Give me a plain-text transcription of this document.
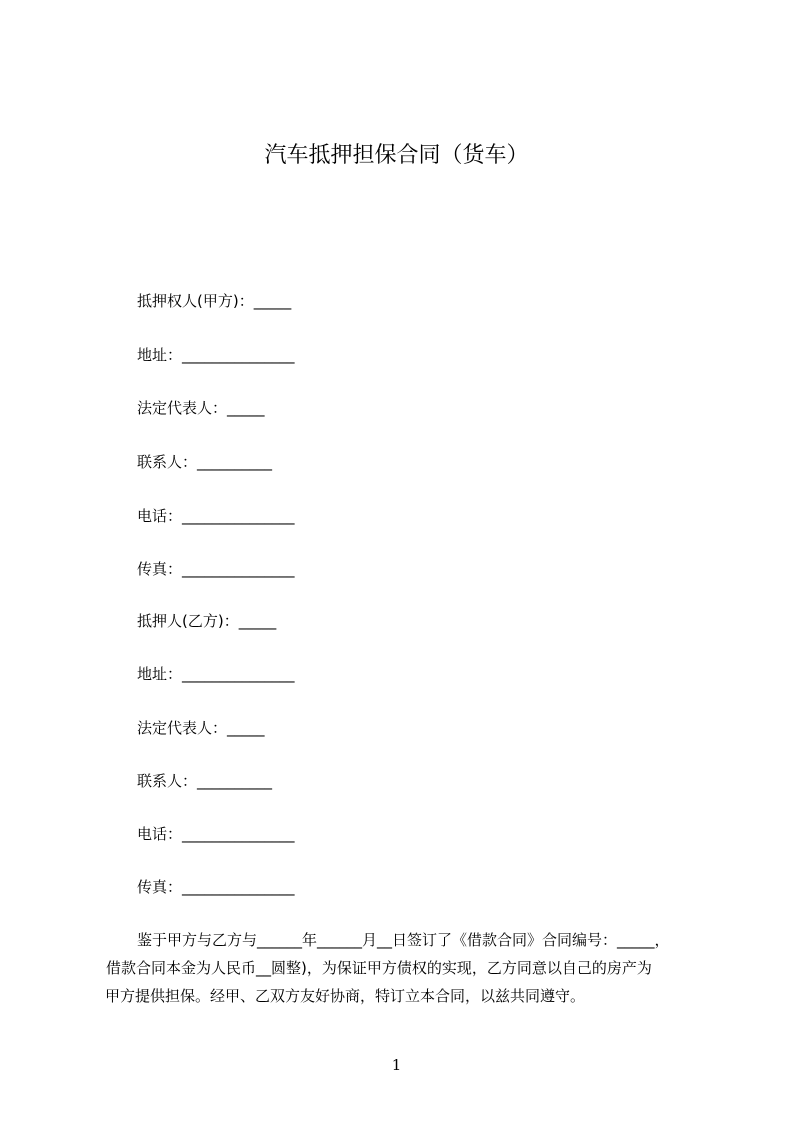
汽车抵押担保合同（货车）
抵押权人(甲方)：_____
地址：_______________
法定代表人：_____
联系人：__________
电话：_______________
传真：_______________
抵押人(乙方)：_____
地址：_______________
法定代表人：_____
联系人：__________
电话：_______________
传真：_______________
鉴于甲方与乙方与______年______月__日签订了《借款合同》合同编号：_____，
借款合同本金为人民币__圆整)，为保证甲方债权的实现，乙方同意以自己的房产为
甲方提供担保。经甲、乙双方友好协商，特订立本合同，以兹共同遵守。
1
